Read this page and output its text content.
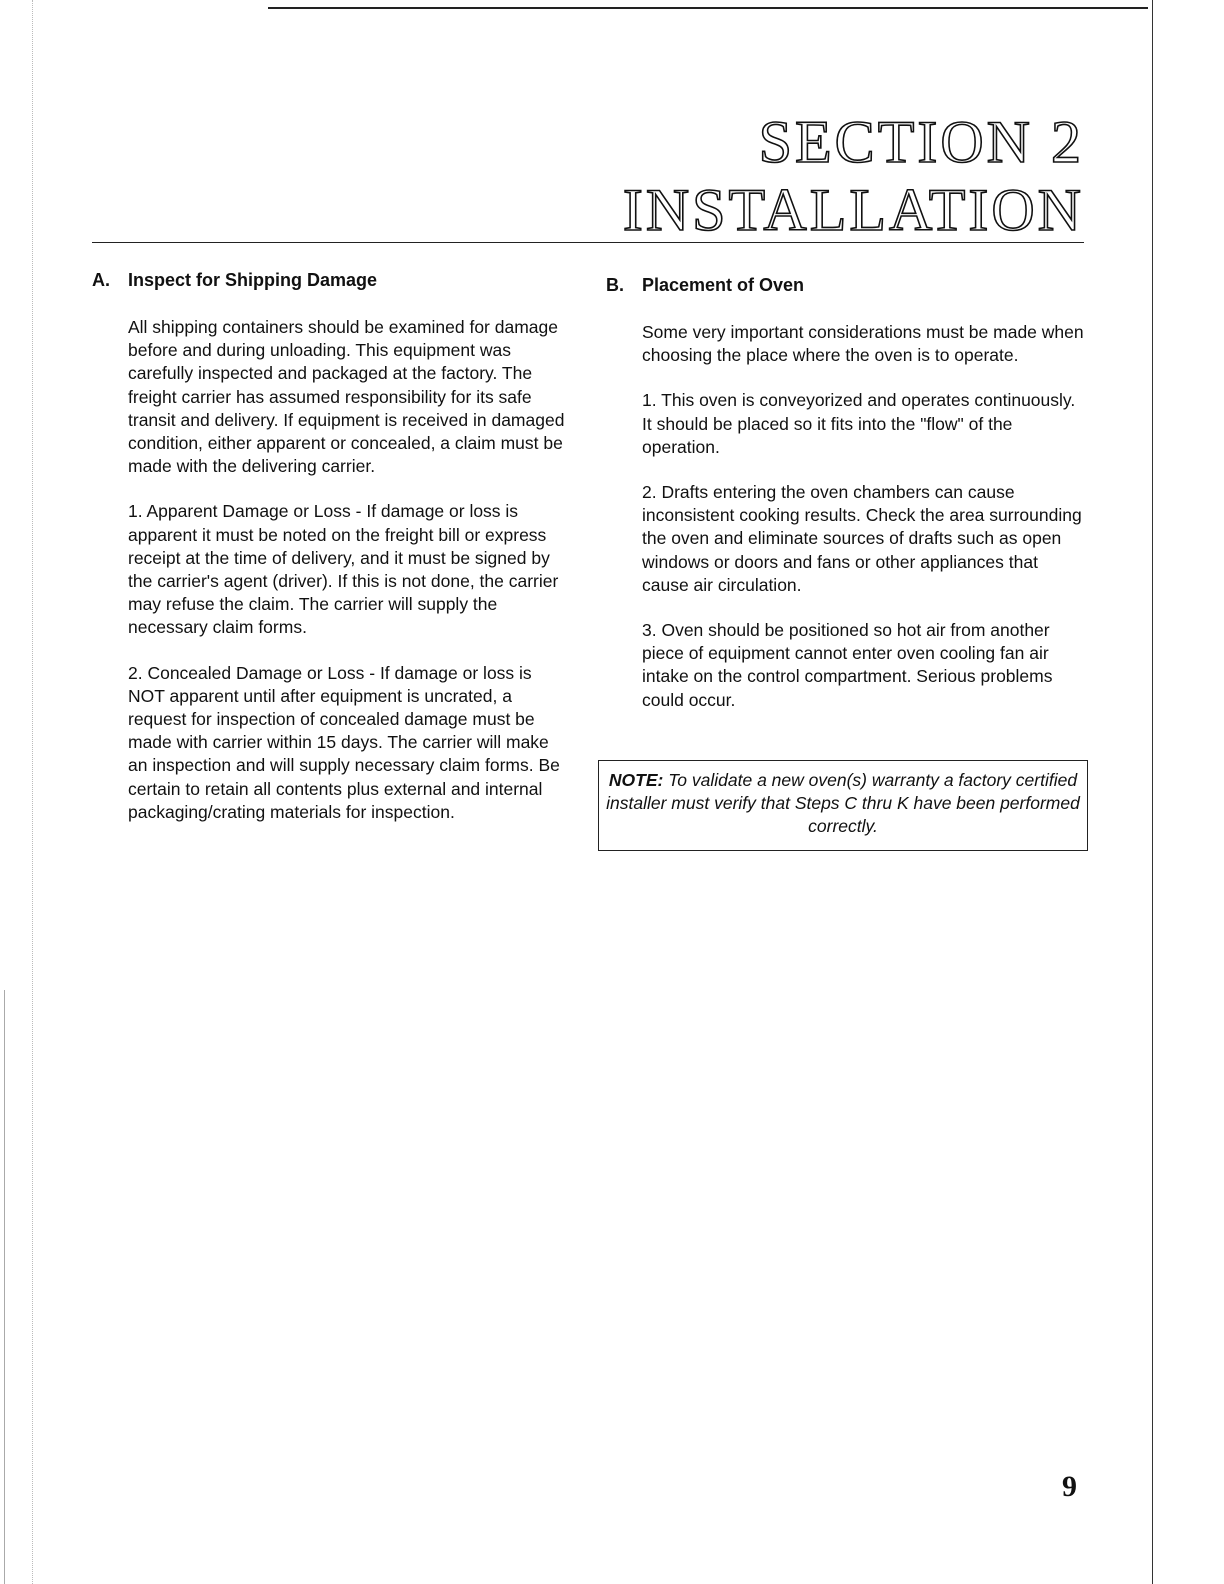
SECTION 2
INSTALLATION
A.	Inspect for Shipping Damage

All shipping containers should be examined for damage before and during unloading. This equipment was carefully inspected and packaged at the factory. The freight carrier has assumed responsibility for its safe transit and delivery. If equipment is received in damaged condition, either apparent or concealed, a claim must be made with the delivering carrier.

1. Apparent Damage or Loss - If damage or loss is apparent it must be noted on the freight bill or express receipt at the time of delivery, and it must be signed by the carrier's agent (driver). If this is not done, the carrier may refuse the claim. The carrier will supply the necessary claim forms.

2. Concealed Damage or Loss - If damage or loss is NOT apparent until after equipment is uncrated, a request for inspection of concealed damage must be made with carrier within 15 days. The carrier will make an inspection and will supply necessary claim forms. Be certain to retain all contents plus external and internal packaging/crating materials for inspection.

B.	Placement of Oven

Some very important considerations must be made when choosing the place where the oven is to operate.

1. This oven is conveyorized and operates continuously. It should be placed so it fits into the "flow" of the operation.

2. Drafts entering the oven chambers can cause inconsistent cooking results. Check the area surrounding the oven and eliminate sources of drafts such as open windows or doors and fans or other appliances that cause air circulation.

3. Oven should be positioned so hot air from another piece of equipment cannot enter oven cooling fan air intake on the control compartment. Serious problems could occur.

NOTE: To validate a new oven(s) warranty a factory certified installer must verify that Steps C thru K have been performed correctly.

9
